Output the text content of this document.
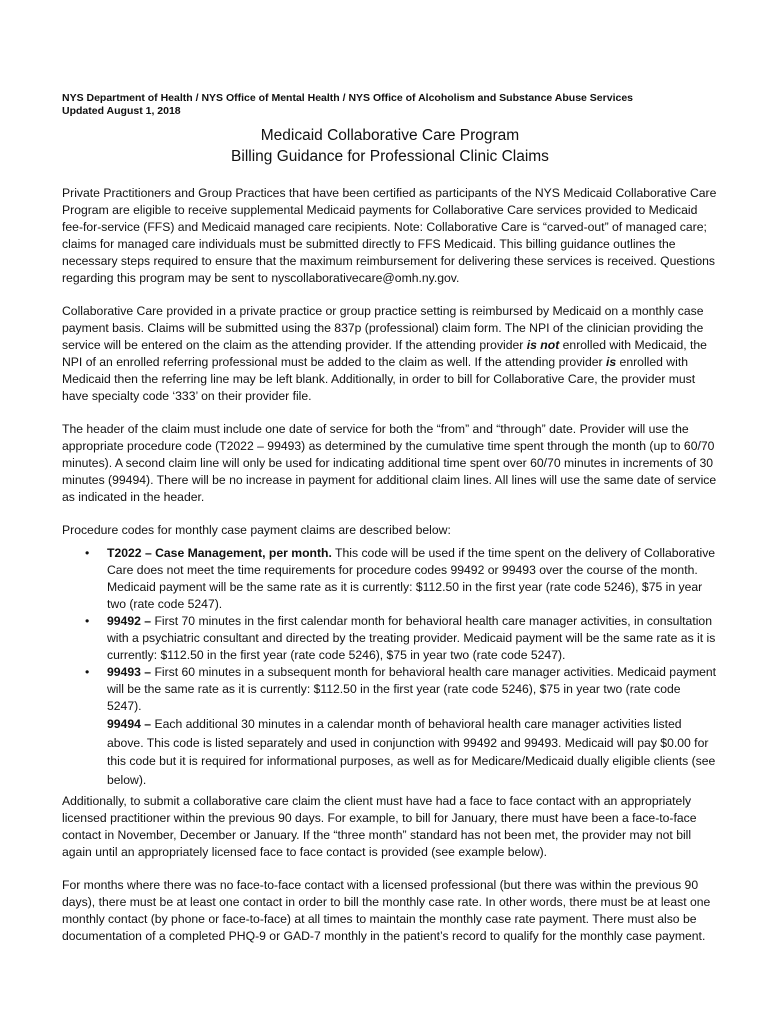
NYS Department of Health / NYS Office of Mental Health / NYS Office of Alcoholism and Substance Abuse Services
Updated August 1, 2018
Medicaid Collaborative Care Program
Billing Guidance for Professional Clinic Claims

Private Practitioners and Group Practices that have been certified as participants of the NYS Medicaid Collaborative Care Program are eligible to receive supplemental Medicaid payments for Collaborative Care services provided to Medicaid fee-for-service (FFS) and Medicaid managed care recipients. Note: Collaborative Care is “carved-out” of managed care; claims for managed care individuals must be submitted directly to FFS Medicaid. This billing guidance outlines the necessary steps required to ensure that the maximum reimbursement for delivering these services is received. Questions regarding this program may be sent to nyscollaborativecare@omh.ny.gov.

Collaborative Care provided in a private practice or group practice setting is reimbursed by Medicaid on a monthly case payment basis. Claims will be submitted using the 837p (professional) claim form. The NPI of the clinician providing the service will be entered on the claim as the attending provider. If the attending provider is not enrolled with Medicaid, the NPI of an enrolled referring professional must be added to the claim as well. If the attending provider is enrolled with Medicaid then the referring line may be left blank. Additionally, in order to bill for Collaborative Care, the provider must have specialty code ‘333’ on their provider file.

The header of the claim must include one date of service for both the “from” and “through” date. Provider will use the appropriate procedure code (T2022 – 99493) as determined by the cumulative time spent through the month (up to 60/70 minutes). A second claim line will only be used for indicating additional time spent over 60/70 minutes in increments of 30 minutes (99494). There will be no increase in payment for additional claim lines. All lines will use the same date of service as indicated in the header.

Procedure codes for monthly case payment claims are described below:

• T2022 – Case Management, per month. This code will be used if the time spent on the delivery of Collaborative Care does not meet the time requirements for procedure codes 99492 or 99493 over the course of the month. Medicaid payment will be the same rate as it is currently: $112.50 in the first year (rate code 5246), $75 in year two (rate code 5247).
• 99492 – First 70 minutes in the first calendar month for behavioral health care manager activities, in consultation with a psychiatric consultant and directed by the treating provider. Medicaid payment will be the same rate as it is currently: $112.50 in the first year (rate code 5246), $75 in year two (rate code 5247).
• 99493 – First 60 minutes in a subsequent month for behavioral health care manager activities. Medicaid payment will be the same rate as it is currently: $112.50 in the first year (rate code 5246), $75 in year two (rate code 5247).
99494 – Each additional 30 minutes in a calendar month of behavioral health care manager activities listed above. This code is listed separately and used in conjunction with 99492 and 99493. Medicaid will pay $0.00 for this code but it is required for informational purposes, as well as for Medicare/Medicaid dually eligible clients (see below).

Additionally, to submit a collaborative care claim the client must have had a face to face contact with an appropriately licensed practitioner within the previous 90 days. For example, to bill for January, there must have been a face-to-face contact in November, December or January. If the “three month” standard has not been met, the provider may not bill again until an appropriately licensed face to face contact is provided (see example below).

For months where there was no face-to-face contact with a licensed professional (but there was within the previous 90 days), there must be at least one contact in order to bill the monthly case rate. In other words, there must be at least one monthly contact (by phone or face-to-face) at all times to maintain the monthly case rate payment. There must also be documentation of a completed PHQ-9 or GAD-7 monthly in the patient’s record to qualify for the monthly case payment.
